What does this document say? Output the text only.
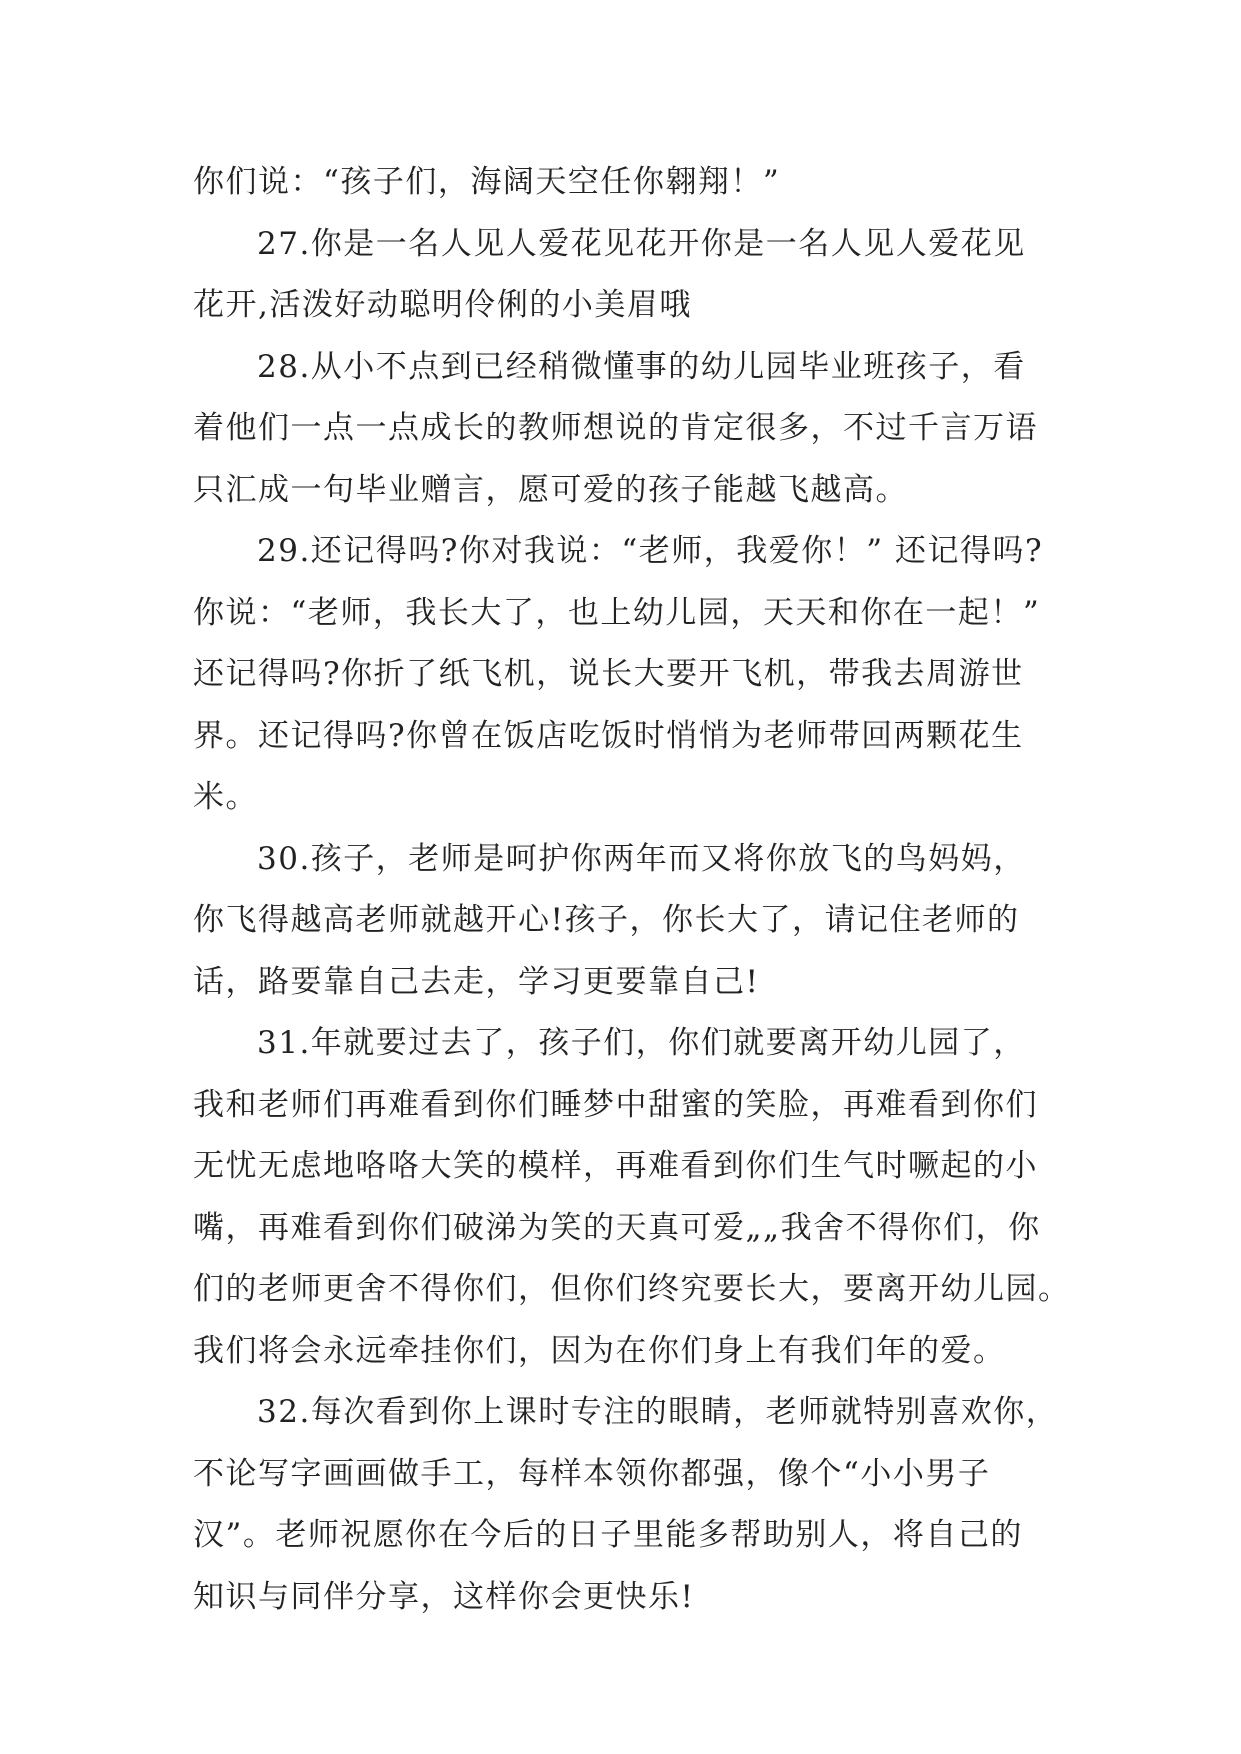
你们说：“孩子们，海阔天空任你翱翔！”
27.你是一名人见人爱花见花开你是一名人见人爱花见
花开,活泼好动聪明伶俐的小美眉哦
28.从小不点到已经稍微懂事的幼儿园毕业班孩子，看
着他们一点一点成长的教师想说的肯定很多，不过千言万语
只汇成一句毕业赠言，愿可爱的孩子能越飞越高。
29.还记得吗?你对我说：“老师，我爱你！” 还记得吗?
你说：“老师，我长大了，也上幼儿园，天天和你在一起！”
还记得吗?你折了纸飞机，说长大要开飞机，带我去周游世
界。还记得吗?你曾在饭店吃饭时悄悄为老师带回两颗花生
米。
30.孩子，老师是呵护你两年而又将你放飞的鸟妈妈，
你飞得越高老师就越开心!孩子，你长大了，请记住老师的
话，路要靠自己去走，学习更要靠自己!
31.年就要过去了，孩子们，你们就要离开幼儿园了，
我和老师们再难看到你们睡梦中甜蜜的笑脸，再难看到你们
无忧无虑地咯咯大笑的模样，再难看到你们生气时噘起的小
嘴，再难看到你们破涕为笑的天真可爱„„我舍不得你们，你
们的老师更舍不得你们，但你们终究要长大，要离开幼儿园。
我们将会永远牵挂你们，因为在你们身上有我们年的爱。
32.每次看到你上课时专注的眼睛，老师就特别喜欢你，
不论写字画画做手工，每样本领你都强，像个“小小男子
汉”。老师祝愿你在今后的日子里能多帮助别人，将自己的
知识与同伴分享，这样你会更快乐!
